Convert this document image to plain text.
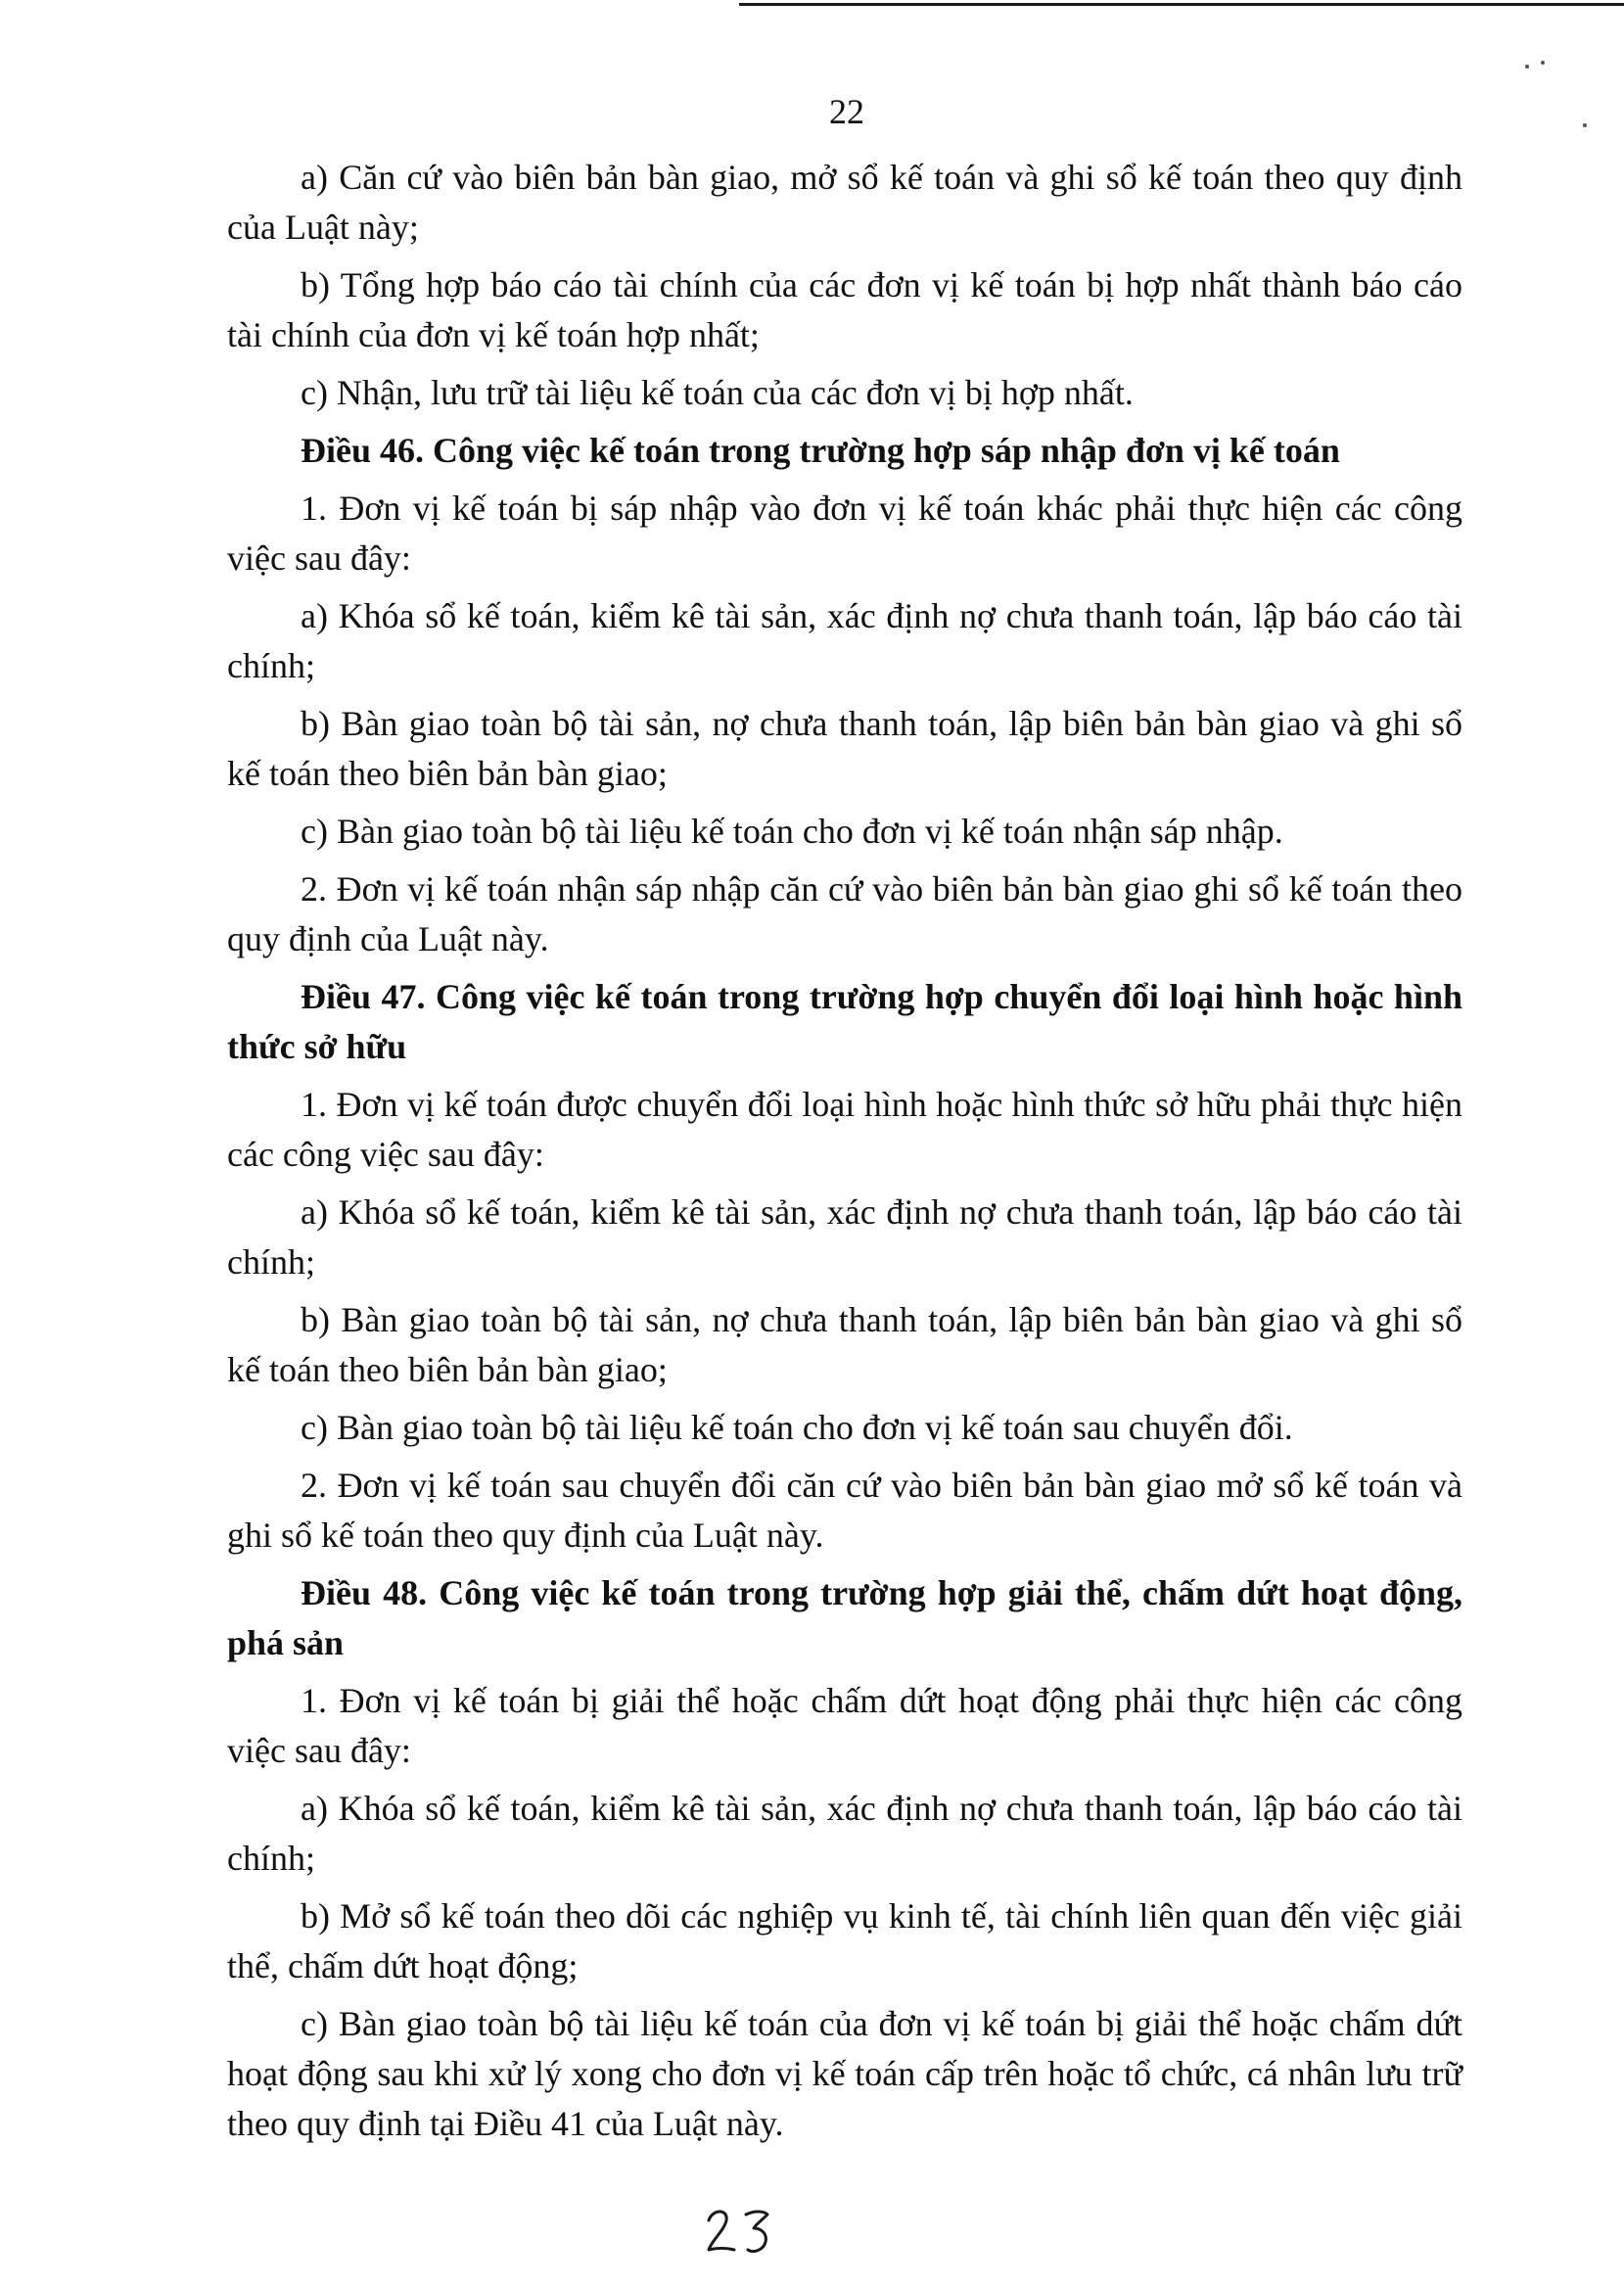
22
a) Căn cứ vào biên bản bàn giao, mở sổ kế toán và ghi sổ kế toán theo quy định của Luật này;
b) Tổng hợp báo cáo tài chính của các đơn vị kế toán bị hợp nhất thành báo cáo tài chính của đơn vị kế toán hợp nhất;
c) Nhận, lưu trữ tài liệu kế toán của các đơn vị bị hợp nhất.
Điều 46. Công việc kế toán trong trường hợp sáp nhập đơn vị kế toán
1. Đơn vị kế toán bị sáp nhập vào đơn vị kế toán khác phải thực hiện các công việc sau đây:
a) Khóa sổ kế toán, kiểm kê tài sản, xác định nợ chưa thanh toán, lập báo cáo tài chính;
b) Bàn giao toàn bộ tài sản, nợ chưa thanh toán, lập biên bản bàn giao và ghi sổ kế toán theo biên bản bàn giao;
c) Bàn giao toàn bộ tài liệu kế toán cho đơn vị kế toán nhận sáp nhập.
2. Đơn vị kế toán nhận sáp nhập căn cứ vào biên bản bàn giao ghi sổ kế toán theo quy định của Luật này.
Điều 47. Công việc kế toán trong trường hợp chuyển đổi loại hình hoặc hình thức sở hữu
1. Đơn vị kế toán được chuyển đổi loại hình hoặc hình thức sở hữu phải thực hiện các công việc sau đây:
a) Khóa sổ kế toán, kiểm kê tài sản, xác định nợ chưa thanh toán, lập báo cáo tài chính;
b) Bàn giao toàn bộ tài sản, nợ chưa thanh toán, lập biên bản bàn giao và ghi sổ kế toán theo biên bản bàn giao;
c) Bàn giao toàn bộ tài liệu kế toán cho đơn vị kế toán sau chuyển đổi.
2. Đơn vị kế toán sau chuyển đổi căn cứ vào biên bản bàn giao mở sổ kế toán và ghi sổ kế toán theo quy định của Luật này.
Điều 48. Công việc kế toán trong trường hợp giải thể, chấm dứt hoạt động, phá sản
1. Đơn vị kế toán bị giải thể hoặc chấm dứt hoạt động phải thực hiện các công việc sau đây:
a) Khóa sổ kế toán, kiểm kê tài sản, xác định nợ chưa thanh toán, lập báo cáo tài chính;
b) Mở sổ kế toán theo dõi các nghiệp vụ kinh tế, tài chính liên quan đến việc giải thể, chấm dứt hoạt động;
c) Bàn giao toàn bộ tài liệu kế toán của đơn vị kế toán bị giải thể hoặc chấm dứt hoạt động sau khi xử lý xong cho đơn vị kế toán cấp trên hoặc tổ chức, cá nhân lưu trữ theo quy định tại Điều 41 của Luật này.
